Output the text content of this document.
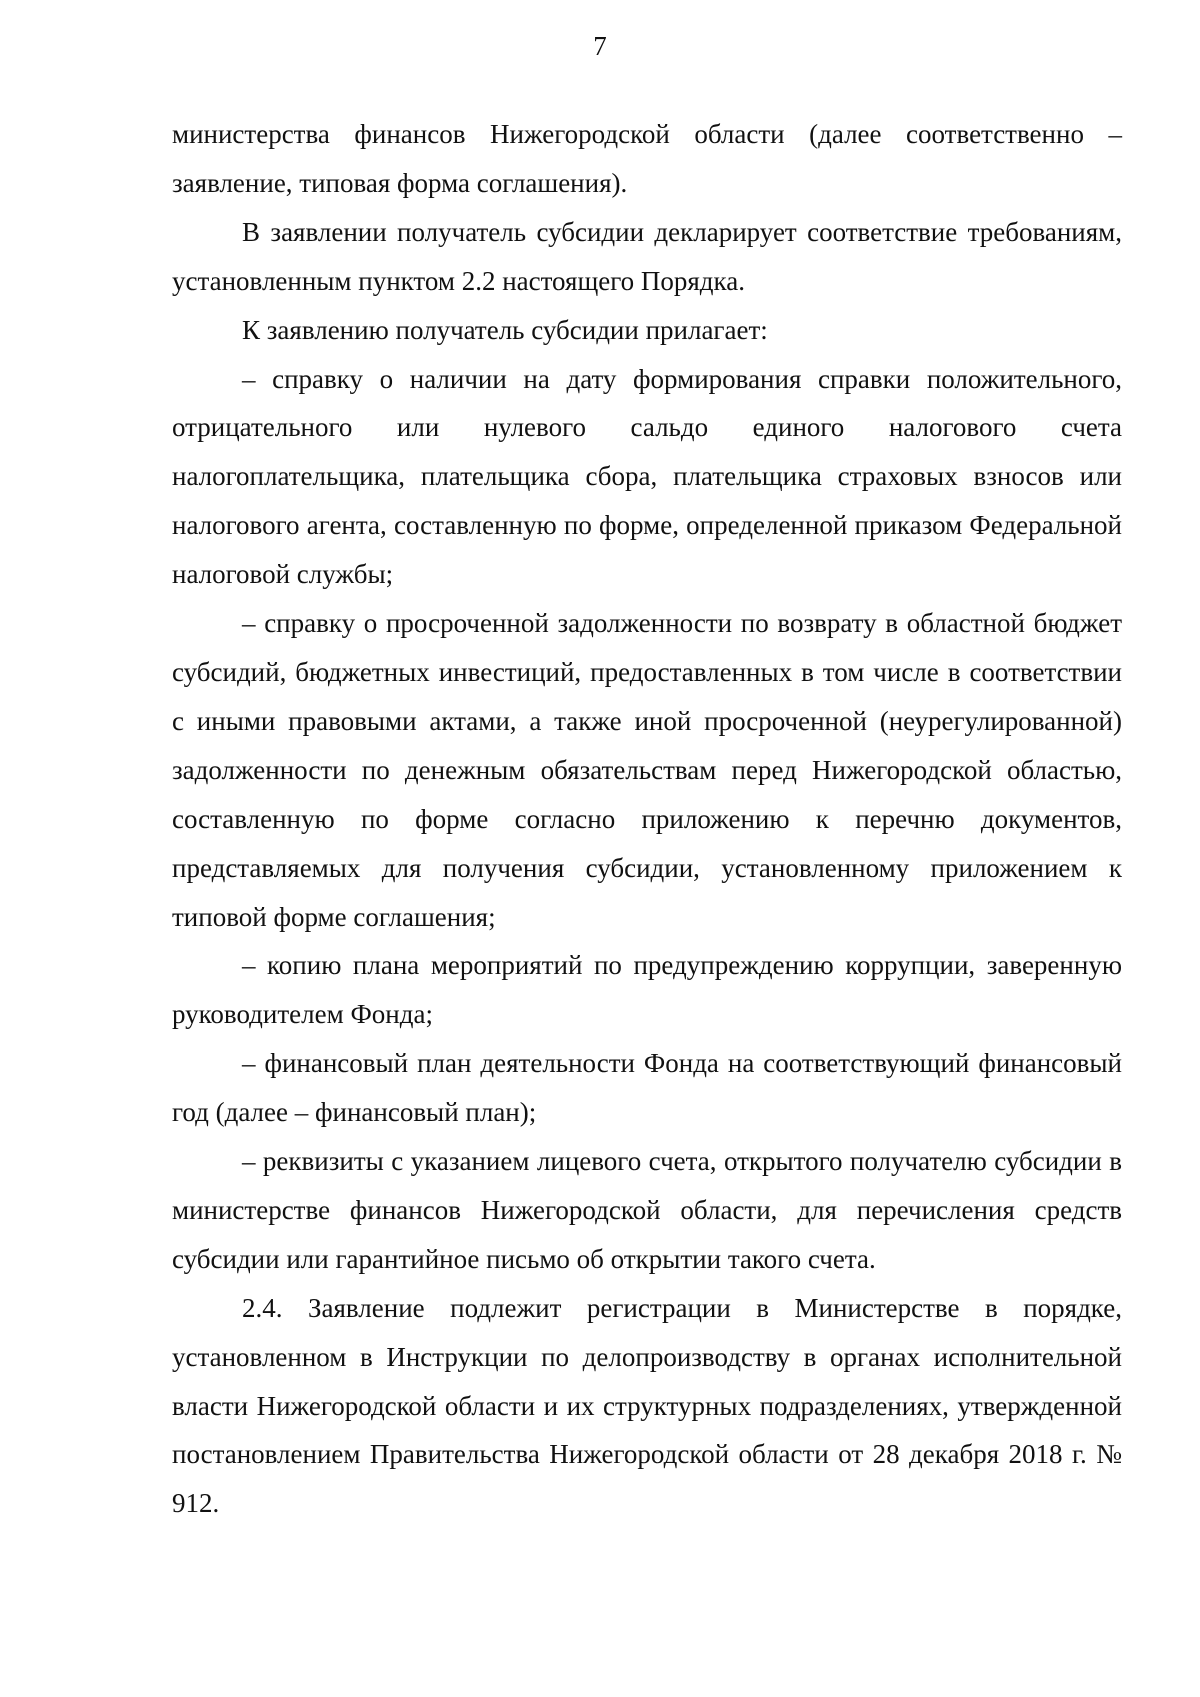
7

министерства финансов Нижегородской области (далее соответственно – заявление, типовая форма соглашения).

В заявлении получатель субсидии декларирует соответствие требованиям, установленным пунктом 2.2 настоящего Порядка.

К заявлению получатель субсидии прилагает:

– справку о наличии на дату формирования справки положительного, отрицательного или нулевого сальдо единого налогового счета налогоплательщика, плательщика сбора, плательщика страховых взносов или налогового агента, составленную по форме, определенной приказом Федеральной налоговой службы;

– справку о просроченной задолженности по возврату в областной бюджет субсидий, бюджетных инвестиций, предоставленных в том числе в соответствии с иными правовыми актами, а также иной просроченной (неурегулированной) задолженности по денежным обязательствам перед Нижегородской областью, составленную по форме согласно приложению к перечню документов, представляемых для получения субсидии, установленному приложением к типовой форме соглашения;

– копию плана мероприятий по предупреждению коррупции, заверенную руководителем Фонда;

– финансовый план деятельности Фонда на соответствующий финансовый год (далее – финансовый план);

– реквизиты с указанием лицевого счета, открытого получателю субсидии в министерстве финансов Нижегородской области, для перечисления средств субсидии или гарантийное письмо об открытии такого счета.

2.4. Заявление подлежит регистрации в Министерстве в порядке, установленном в Инструкции по делопроизводству в органах исполнительной власти Нижегородской области и их структурных подразделениях, утвержденной постановлением Правительства Нижегородской области от 28 декабря 2018 г. № 912.
